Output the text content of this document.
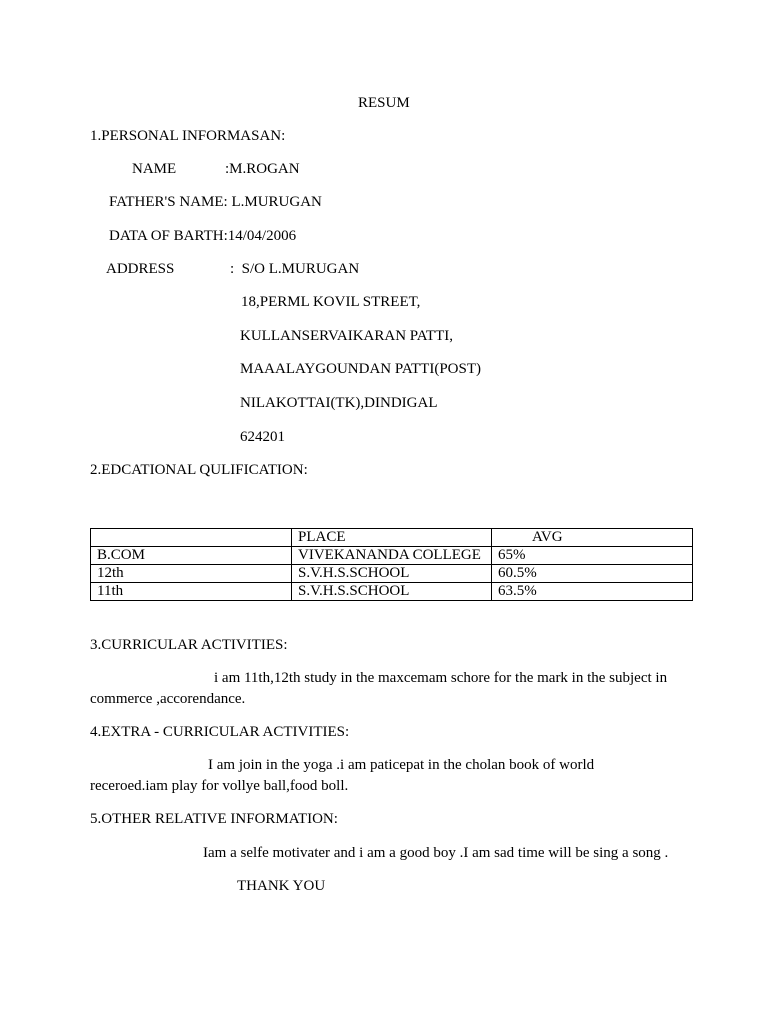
RESUM
1.PERSONAL INFORMASAN:
NAME	:M.ROGAN
FATHER'S NAME: L.MURUGAN
DATA OF BARTH:14/04/2006
ADDRESS	:  S/O L.MURUGAN
18,PERML KOVIL STREET,
KULLANSERVAIKARAN PATTI,
MAAALAYGOUNDAN PATTI(POST)
NILAKOTTAI(TK),DINDIGAL
624201
2.EDCATIONAL QULIFICATION:
	PLACE	AVG
B.COM	VIVEKANANDA COLLEGE	65%
12th	S.V.H.S.SCHOOL	60.5%
11th	S.V.H.S.SCHOOL	63.5%
3.CURRICULAR ACTIVITIES:
i am 11th,12th study in the maxcemam schore for the mark in the subject in
commerce ,accorendance.
4.EXTRA - CURRICULAR ACTIVITIES:
I am join in the yoga .i am paticepat in the cholan book of world
receroed.iam play for vollye ball,food boll.
5.OTHER RELATIVE INFORMATION:
Iam a selfe motivater and i am a good boy .I am sad time will be sing a song .
THANK YOU
